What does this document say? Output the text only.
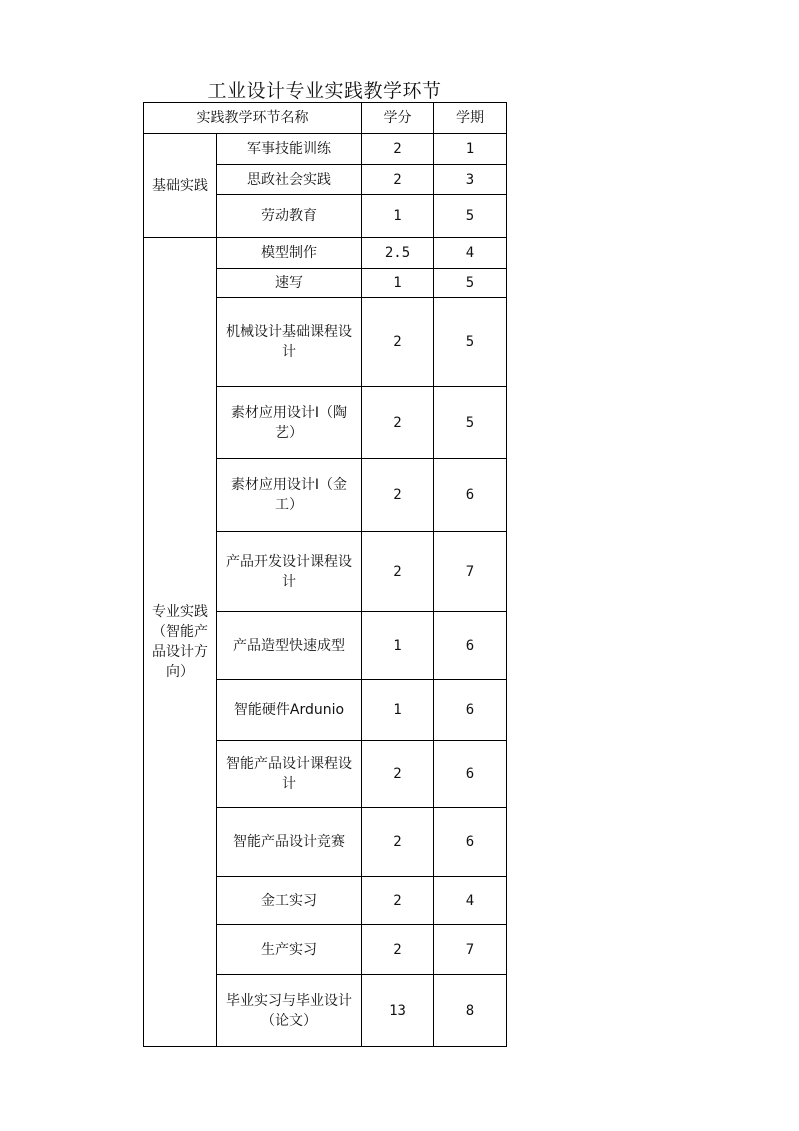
工业设计专业实践教学环节
实践教学环节名称		学分	学期
基础实践	军事技能训练	2	1
	思政社会实践	2	3
	劳动教育	1	5
专业实践（智能产品设计方向）	模型制作	2.5	4
	速写	1	5
	机械设计基础课程设计	2	5
	素材应用设计I（陶艺）	2	5
	素材应用设计I（金工）	2	6
	产品开发设计课程设计	2	7
	产品造型快速成型	1	6
	智能硬件Ardunio	1	6
	智能产品设计课程设计	2	6
	智能产品设计竞赛	2	6
	金工实习	2	4
	生产实习	2	7
	毕业实习与毕业设计（论文）	13	8
